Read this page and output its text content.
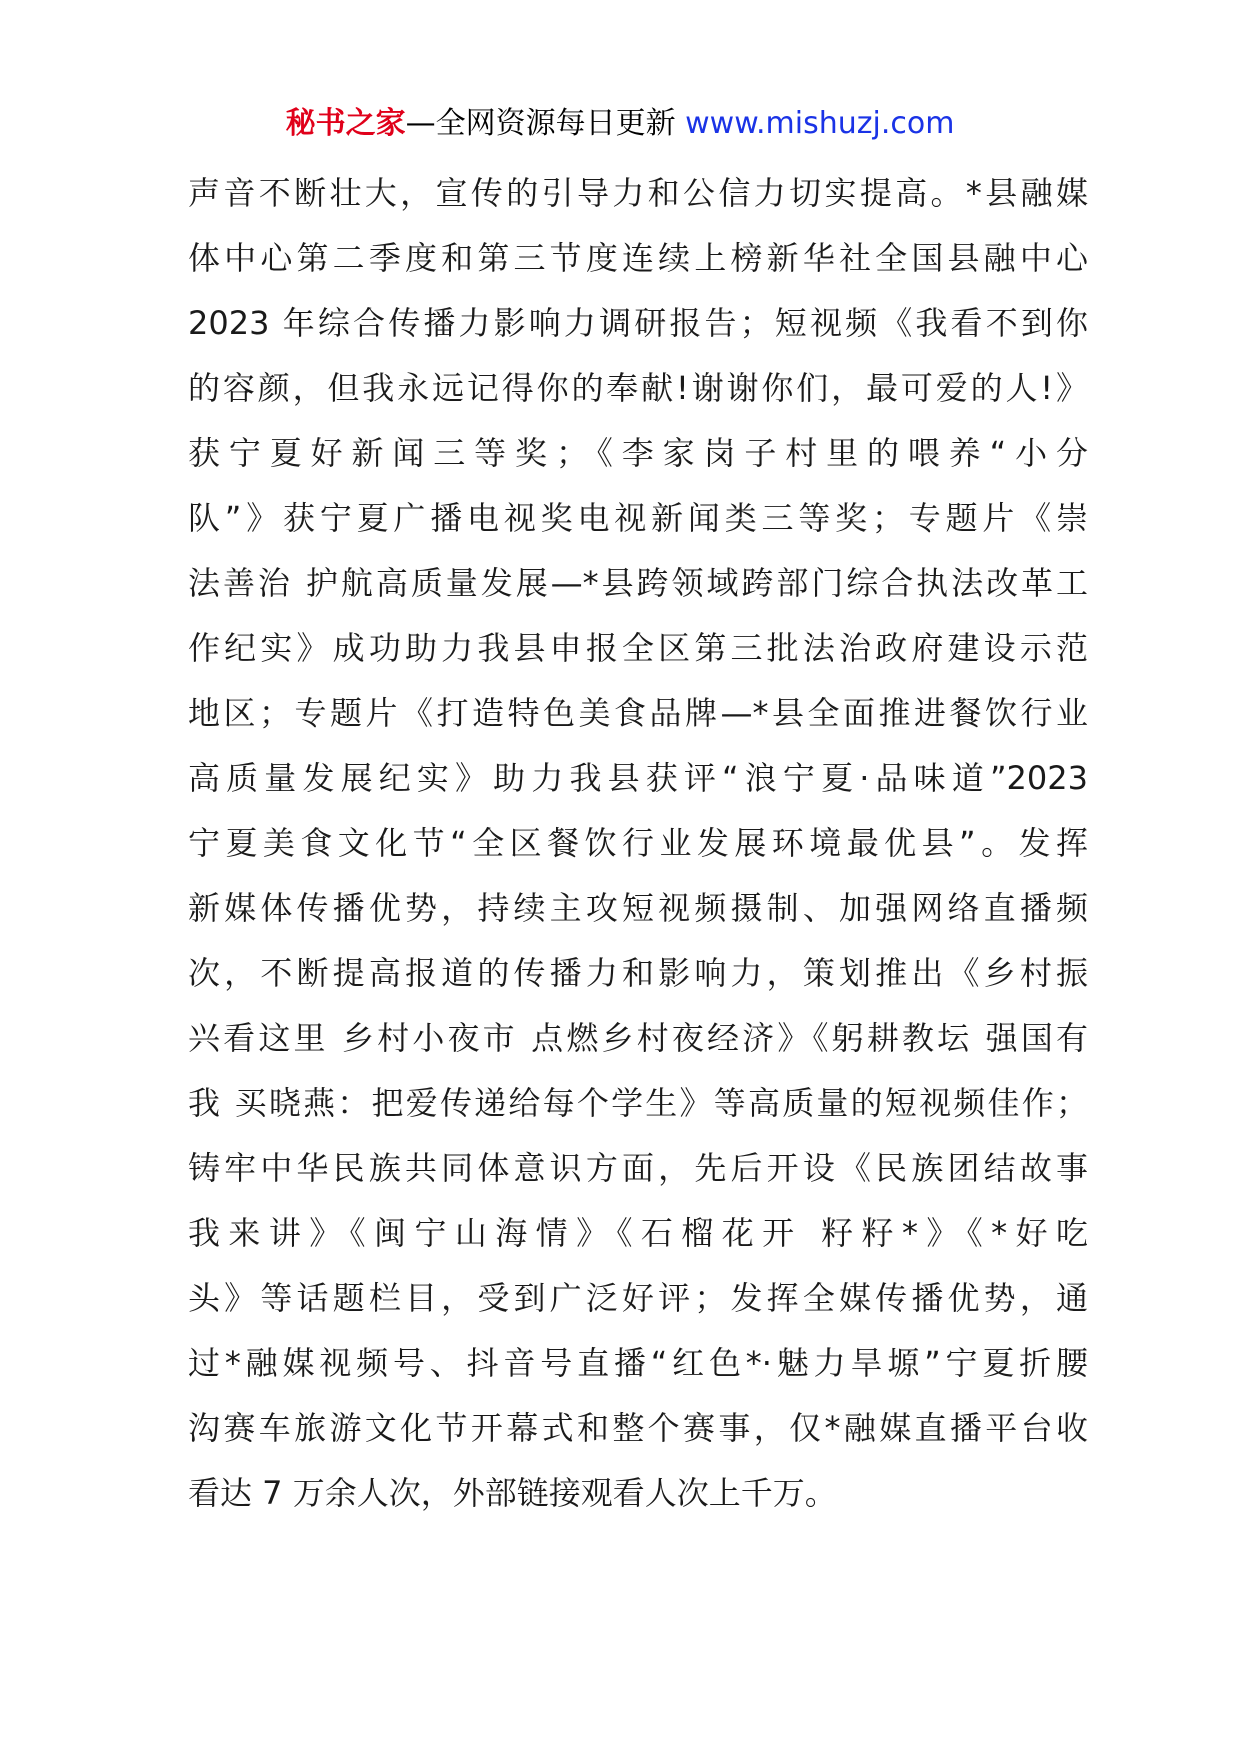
秘书之家—全网资源每日更新 www.mishuzj.com
声音不断壮大，宣传的引导力和公信力切实提高。*县融媒
体中心第二季度和第三节度连续上榜新华社全国县融中心
2023 年综合传播力影响力调研报告；短视频《我看不到你
的容颜，但我永远记得你的奉献!谢谢你们，最可爱的人!》
获宁夏好新闻三等奖；《李家岗子村里的喂养“小分
队”》获宁夏广播电视奖电视新闻类三等奖；专题片《崇
法善治 护航高质量发展—*县跨领域跨部门综合执法改革工
作纪实》成功助力我县申报全区第三批法治政府建设示范
地区；专题片《打造特色美食品牌—*县全面推进餐饮行业
高质量发展纪实》助力我县获评“浪宁夏·品味道”2023
宁夏美食文化节“全区餐饮行业发展环境最优县”。发挥
新媒体传播优势，持续主攻短视频摄制、加强网络直播频
次，不断提高报道的传播力和影响力，策划推出《乡村振
兴看这里 乡村小夜市 点燃乡村夜经济》《躬耕教坛 强国有
我 买晓燕：把爱传递给每个学生》等高质量的短视频佳作；
铸牢中华民族共同体意识方面，先后开设《民族团结故事
我来讲》《闽宁山海情》《石榴花开 籽籽*》《*好吃
头》等话题栏目，受到广泛好评；发挥全媒传播优势，通
过*融媒视频号、抖音号直播“红色*·魅力旱塬”宁夏折腰
沟赛车旅游文化节开幕式和整个赛事，仅*融媒直播平台收
看达 7 万余人次，外部链接观看人次上千万。
